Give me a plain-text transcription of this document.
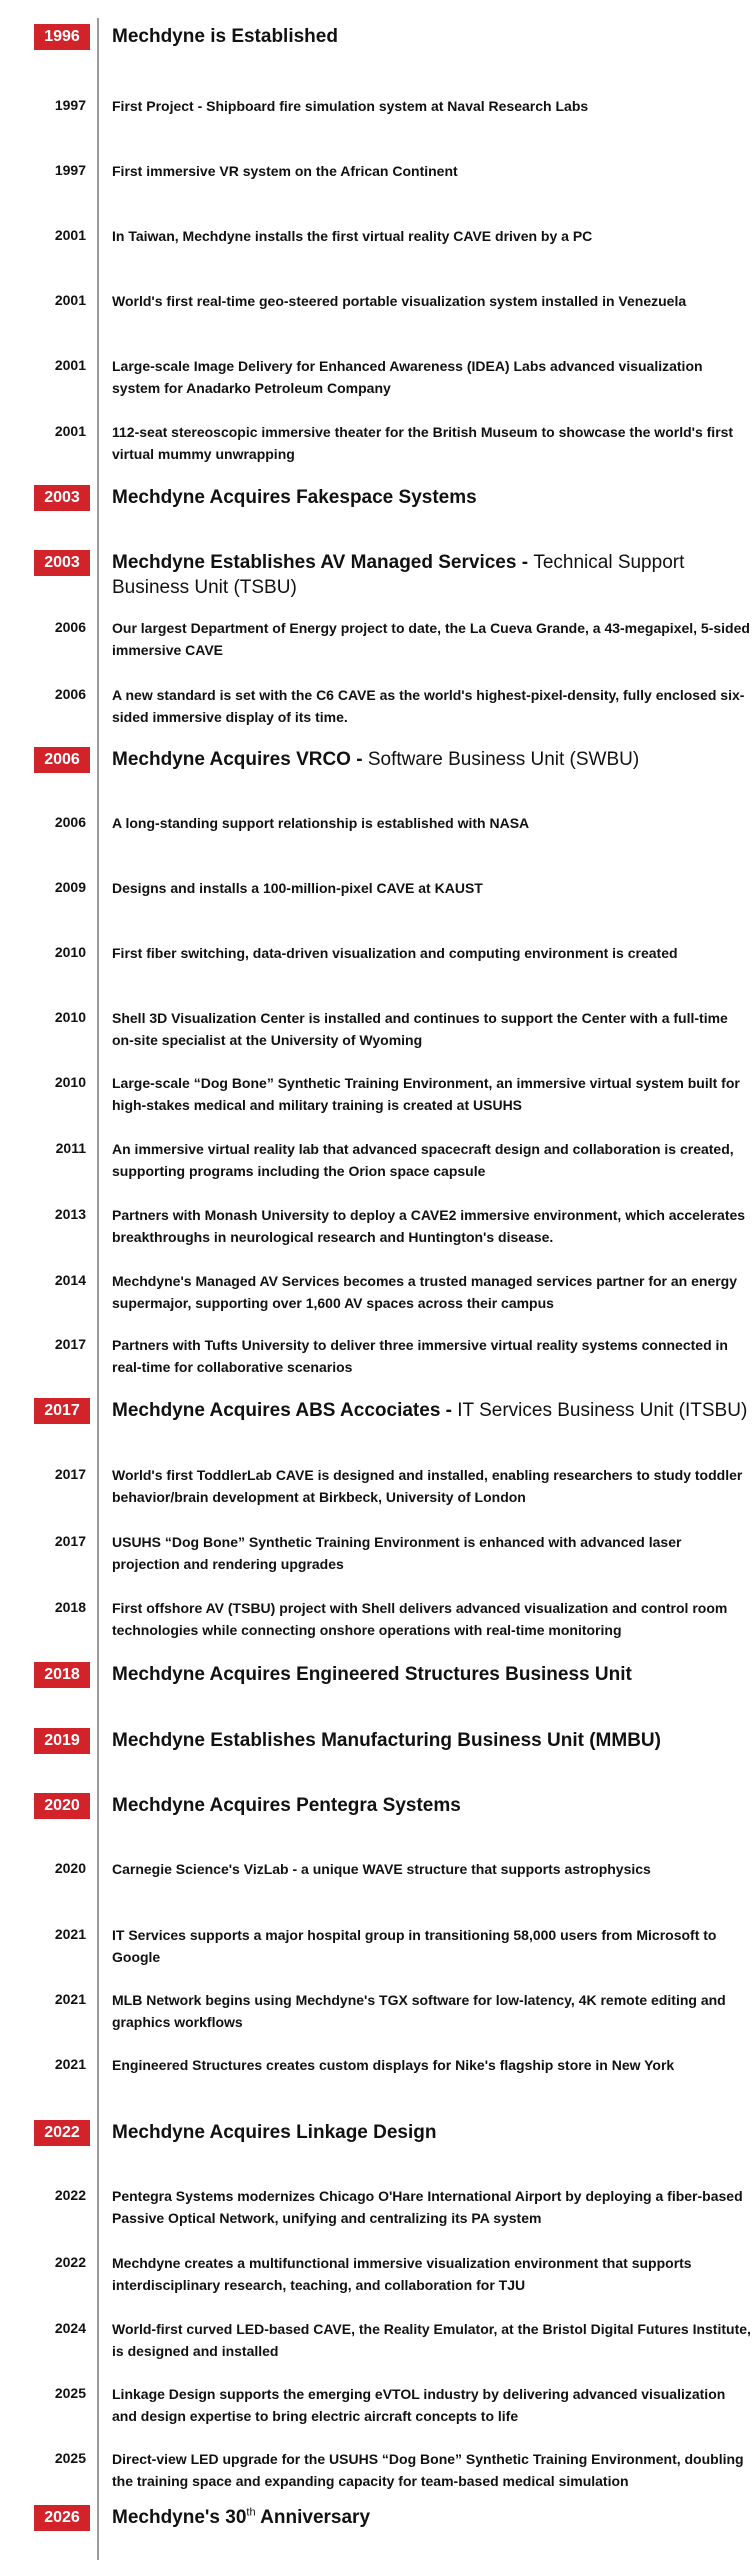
1996	Mechdyne is Established
1997 First Project - Shipboard fire simulation system at Naval Research Labs
1997 First immersive VR system on the African Continent
2001 In Taiwan, Mechdyne installs the first virtual reality CAVE driven by a PC
2001 World's first real-time geo-steered portable visualization system installed in Venezuela
2001 Large-scale Image Delivery for Enhanced Awareness (IDEA) Labs advanced visualization system for Anadarko Petroleum Company
2001 112-seat stereoscopic immersive theater for the British Museum to showcase the world's first virtual mummy unwrapping
2003	Mechdyne Acquires Fakespace Systems
2003	Mechdyne Establishes AV Managed Services - Technical Support Business Unit (TSBU)
2006 Our largest Department of Energy project to date, the La Cueva Grande, a 43-megapixel, 5-sided immersive CAVE
2006 A new standard is set with the C6 CAVE as the world's highest-pixel-density, fully enclosed six-sided immersive display of its time.
2006	Mechdyne Acquires VRCO - Software Business Unit (SWBU)
2006 A long-standing support relationship is established with NASA
2009 Designs and installs a 100-million-pixel CAVE at KAUST
2010 First fiber switching, data-driven visualization and computing environment is created
2010 Shell 3D Visualization Center is installed and continues to support the Center with a full-time on-site specialist at the University of Wyoming
2010 Large-scale “Dog Bone” Synthetic Training Environment, an immersive virtual system built for high-stakes medical and military training is created at USUHS
2011 An immersive virtual reality lab that advanced spacecraft design and collaboration is created, supporting programs including the Orion space capsule
2013 Partners with Monash University to deploy a CAVE2 immersive environment, which accelerates breakthroughs in neurological research and Huntington's disease.
2014 Mechdyne's Managed AV Services becomes a trusted managed services partner for an energy supermajor, supporting over 1,600 AV spaces across their campus
2017 Partners with Tufts University to deliver three immersive virtual reality systems connected in real-time for collaborative scenarios
2017	Mechdyne Acquires ABS Accociates - IT Services Business Unit (ITSBU)
2017 World's first ToddlerLab CAVE is designed and installed, enabling researchers to study toddler behavior/brain development at Birkbeck, University of London
2017 USUHS “Dog Bone” Synthetic Training Environment is enhanced with advanced laser projection and rendering upgrades
2018 First offshore AV (TSBU) project with Shell delivers advanced visualization and control room technologies while connecting onshore operations with real-time monitoring
2018	Mechdyne Acquires Engineered Structures Business Unit
2019	Mechdyne Establishes Manufacturing Business Unit (MMBU)
2020	Mechdyne Acquires Pentegra Systems
2020 Carnegie Science's VizLab - a unique WAVE structure that supports astrophysics
2021 IT Services supports a major hospital group in transitioning 58,000 users from Microsoft to Google
2021 MLB Network begins using Mechdyne's TGX software for low-latency, 4K remote editing and graphics workflows
2021 Engineered Structures creates custom displays for Nike's flagship store in New York
2022	Mechdyne Acquires Linkage Design
2022 Pentegra Systems modernizes Chicago O'Hare International Airport by deploying a fiber-based Passive Optical Network, unifying and centralizing its PA system
2022 Mechdyne creates a multifunctional immersive visualization environment that supports interdisciplinary research, teaching, and collaboration for TJU
2024 World-first curved LED-based CAVE, the Reality Emulator, at the Bristol Digital Futures Institute, is designed and installed
2025 Linkage Design supports the emerging eVTOL industry by delivering advanced visualization and design expertise to bring electric aircraft concepts to life
2025 Direct-view LED upgrade for the USUHS “Dog Bone” Synthetic Training Environment, doubling the training space and expanding capacity for team-based medical simulation
2026	Mechdyne's 30th Anniversary
